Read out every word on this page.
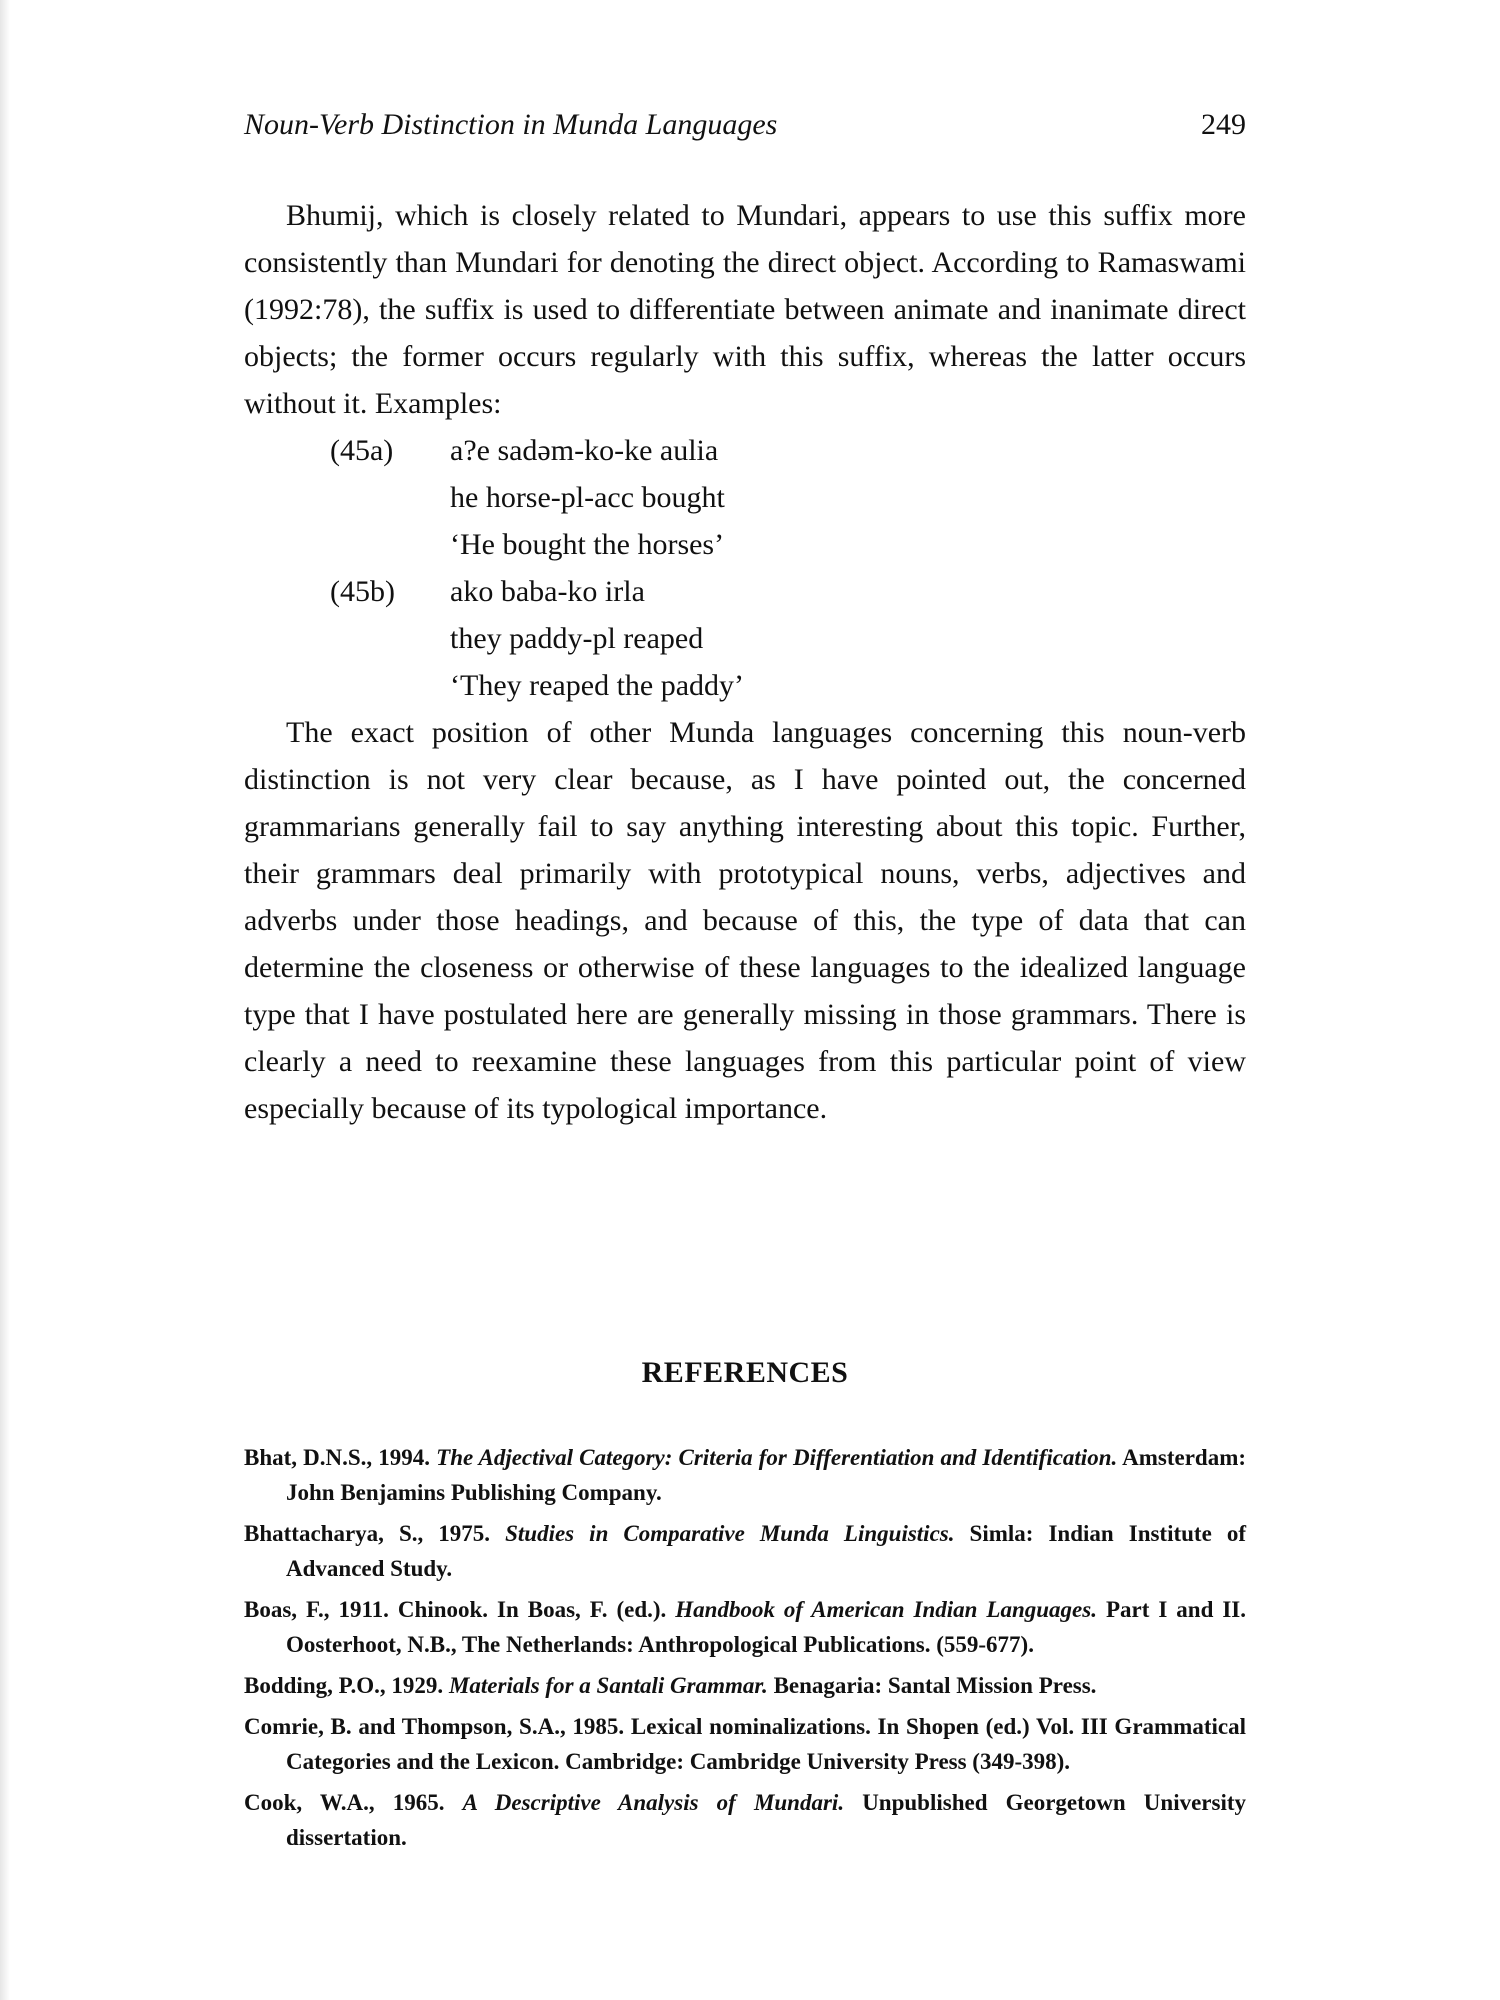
Noun-Verb Distinction in Munda Languages	249

Bhumij, which is closely related to Mundari, appears to use this suffix more consistently than Mundari for denoting the direct object. According to Ramaswami (1992:78), the suffix is used to differentiate between animate and inanimate direct objects; the former occurs regularly with this suffix, whereas the latter occurs without it. Examples:

(45a)	a?e sadəm-ko-ke aulia
he horse-pl-acc bought
‘He bought the horses’
(45b)	ako baba-ko irla
they paddy-pl reaped
‘They reaped the paddy’

The exact position of other Munda languages concerning this noun-verb distinction is not very clear because, as I have pointed out, the concerned grammarians generally fail to say anything interesting about this topic. Further, their grammars deal primarily with prototypical nouns, verbs, adjectives and adverbs under those headings, and because of this, the type of data that can determine the closeness or otherwise of these languages to the idealized language type that I have postulated here are generally missing in those grammars. There is clearly a need to reexamine these languages from this particular point of view especially because of its typological importance.

REFERENCES
Bhat, D.N.S., 1994. The Adjectival Category: Criteria for Differentiation and Identification. Amsterdam: John Benjamins Publishing Company.
Bhattacharya, S., 1975. Studies in Comparative Munda Linguistics. Simla: Indian Institute of Advanced Study.
Boas, F., 1911. Chinook. In Boas, F. (ed.). Handbook of American Indian Languages. Part I and II. Oosterhoot, N.B., The Netherlands: Anthropological Publications. (559-677).
Bodding, P.O., 1929. Materials for a Santali Grammar. Benagaria: Santal Mission Press.
Comrie, B. and Thompson, S.A., 1985. Lexical nominalizations. In Shopen (ed.) Vol. III Grammatical Categories and the Lexicon. Cambridge: Cambridge University Press (349-398).
Cook, W.A., 1965. A Descriptive Analysis of Mundari. Unpublished Georgetown University dissertation.
